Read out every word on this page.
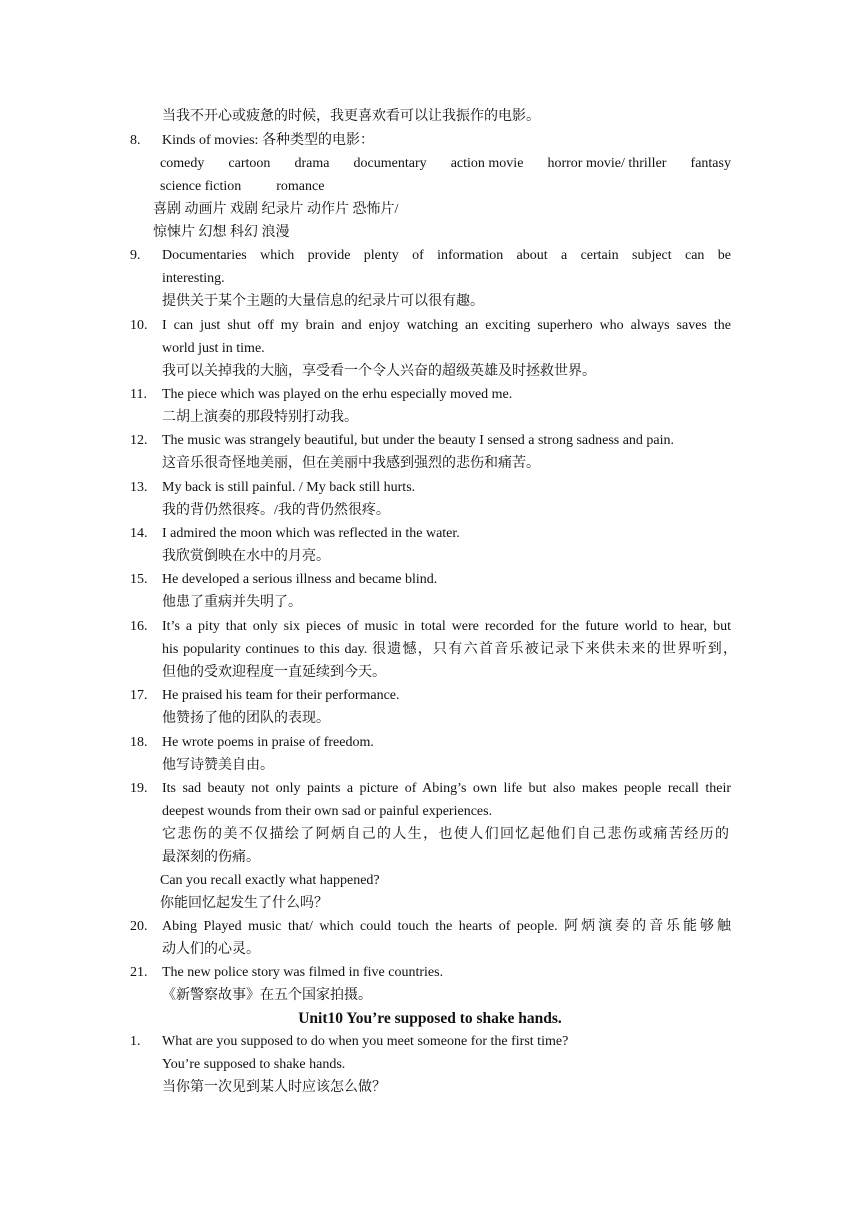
当我不开心或疲惫的时候，我更喜欢看可以让我振作的电影。
8. Kinds of movies: 各种类型的电影：
comedy cartoon drama documentary action movie horror movie/ thriller fantasy
science fiction	romance
喜剧 动画片 戏剧 纪录片 动作片 恐怖片/
惊悚片 幻想 科幻 浪漫
9. Documentaries which provide plenty of information about a certain subject can be
interesting.
提供关于某个主题的大量信息的纪录片可以很有趣。
10. I can just shut off my brain and enjoy watching an exciting superhero who always saves the
world just in time.
我可以关掉我的大脑，享受看一个令人兴奋的超级英雄及时拯救世界。
11. The piece which was played on the erhu especially moved me.
二胡上演奏的那段特别打动我。
12. The music was strangely beautiful, but under the beauty I sensed a strong sadness and pain.
这音乐很奇怪地美丽，但在美丽中我感到强烈的悲伤和痛苦。
13. My back is still painful. / My back still hurts.
我的背仍然很疼。/我的背仍然很疼。
14. I admired the moon which was reflected in the water.
我欣赏倒映在水中的月亮。
15. He developed a serious illness and became blind.
他患了重病并失明了。
16. It’s a pity that only six pieces of music in total were recorded for the future world to hear, but
his popularity continues to this day. 很遗憾，只有六首音乐被记录下来供未来的世界听到，
但他的受欢迎程度一直延续到今天。
17. He praised his team for their performance.
他赞扬了他的团队的表现。
18. He wrote poems in praise of freedom.
他写诗赞美自由。
19. Its sad beauty not only paints a picture of Abing’s own life but also makes people recall their
deepest wounds from their own sad or painful experiences.
它悲伤的美不仅描绘了阿炳自己的人生，也使人们回忆起他们自己悲伤或痛苦经历的
最深刻的伤痛。
Can you recall exactly what happened?
你能回忆起发生了什么吗？
20. Abing Played music that/ which could touch the hearts of people. 阿炳演奏的音乐能够触
动人们的心灵。
21. The new police story was filmed in five countries.
《新警察故事》在五个国家拍摄。
Unit10 You’re supposed to shake hands.
1. What are you supposed to do when you meet someone for the first time?
You’re supposed to shake hands.
当你第一次见到某人时应该怎么做？
